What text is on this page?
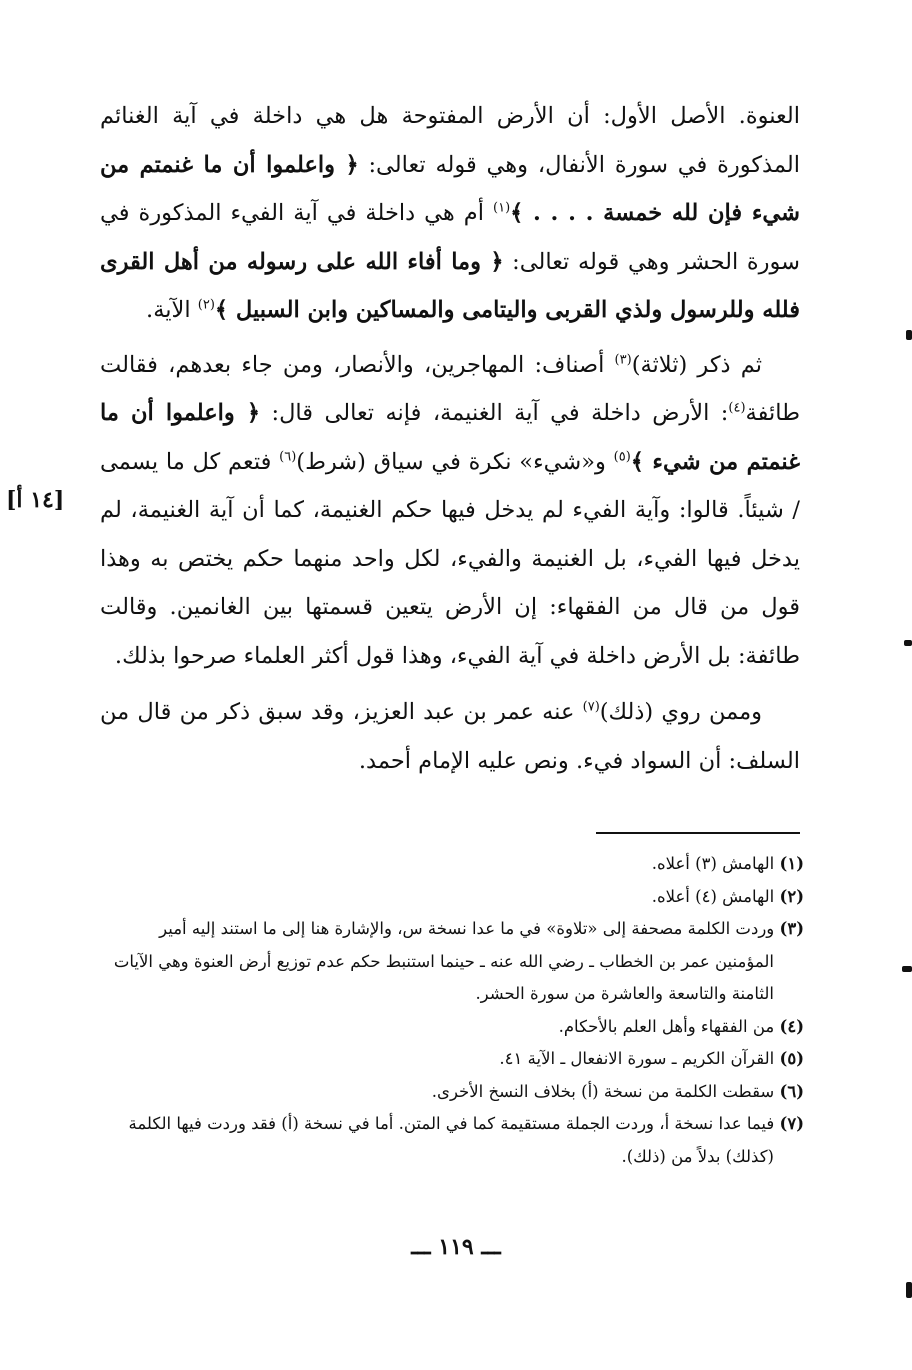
العنوة. الأصل الأول: أن الأرض المفتوحة هل هي داخلة في آية الغنائم المذكورة في سورة الأنفال، وهي قوله تعالى: ﴿ واعلموا أن ما غنمتم من شيء فإن لله خمسة . . . . ﴾$^{(١)}$ أم هي داخلة في آية الفيء المذكورة في سورة الحشر وهي قوله تعالى: ﴿ وما أفاء الله على رسوله من أهل القرى فلله وللرسول ولذي القربى واليتامى والمساكين وابن السبيل ﴾$^{(٢)}$ الآية.

ثم ذكر (ثلاثة)$^{(٣)}$ أصناف: المهاجرين، والأنصار، ومن جاء بعدهم، فقالت طائفة$^{(٤)}$: الأرض داخلة في آية الغنيمة، فإنه تعالى قال: ﴿ واعلموا أن ما غنمتم من شيء ﴾$^{(٥)}$ و«شيء» نكرة في سياق (شرط)$^{(٦)}$ فتعم كل ما يسمى / شيئاً. قالوا: وآية الفيء لم يدخل فيها حكم الغنيمة، كما أن آية الغنيمة، لم يدخل فيها الفيء، بل الغنيمة والفيء، لكل واحد منهما حكم يختص به وهذا قول من قال من الفقهاء: إن الأرض يتعين قسمتها بين الغانمين. وقالت طائفة: بل الأرض داخلة في آية الفيء، وهذا قول أكثر العلماء صرحوا بذلك.

وممن روي (ذلك)$^{(٧)}$ عنه عمر بن عبد العزيز، وقد سبق ذكر من قال من السلف: أن السواد فيء. ونص عليه الإمام أحمد.

[١٤ أ]

(١) الهامش (٣) أعلاه.

(٢) الهامش (٤) أعلاه.

(٣) وردت الكلمة مصحفة إلى «تلاوة» في ما عدا نسخة س، والإشارة هنا إلى ما استند إليه أمير المؤمنين عمر بن الخطاب ـ رضي الله عنه ـ حينما استنبط حكم عدم توزيع أرض العنوة وهي الآيات الثامنة والتاسعة والعاشرة من سورة الحشر.

(٤) من الفقهاء وأهل العلم بالأحكام.

(٥) القرآن الكريم ـ سورة الانفعال ـ الآية ٤١.

(٦) سقطت الكلمة من نسخة (أ) بخلاف النسخ الأخرى.

(٧) فيما عدا نسخة أ، وردت الجملة مستقيمة كما في المتن. أما في نسخة (أ) فقد وردت فيها الكلمة (كذلك) بدلاً من (ذلك).

ـــ ١١٩ ـــ
